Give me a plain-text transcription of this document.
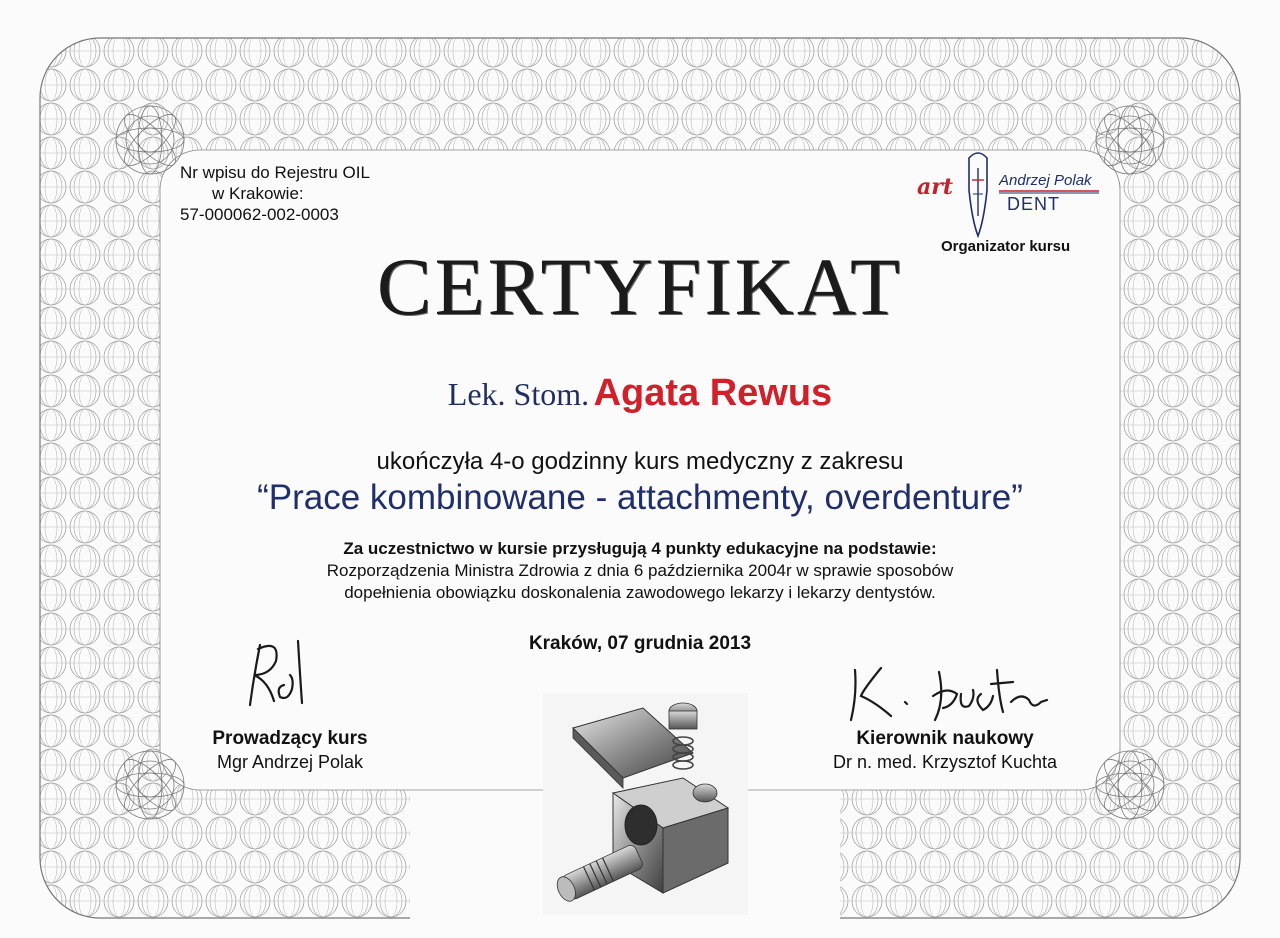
Nr wpisu do Rejestru OIL
w Krakowie:
57-000062-002-0003
art	Andrzej Polak
DENT
Organizator kursu
CERTYFIKAT
Lek. Stom. Agata Rewus
ukończyła 4-o godzinny kurs medyczny z zakresu
“Prace kombinowane - attachmenty, overdenture”
Za uczestnictwo w kursie przysługują 4 punkty edukacyjne na podstawie:
Rozporządzenia Ministra Zdrowia z dnia 6 października 2004r w sprawie sposobów
dopełnienia obowiązku doskonalenia zawodowego lekarzy i lekarzy dentystów.
Kraków, 07 grudnia 2013
Prowadzący kurs
Mgr Andrzej Polak
Kierownik naukowy
Dr n. med. Krzysztof Kuchta
